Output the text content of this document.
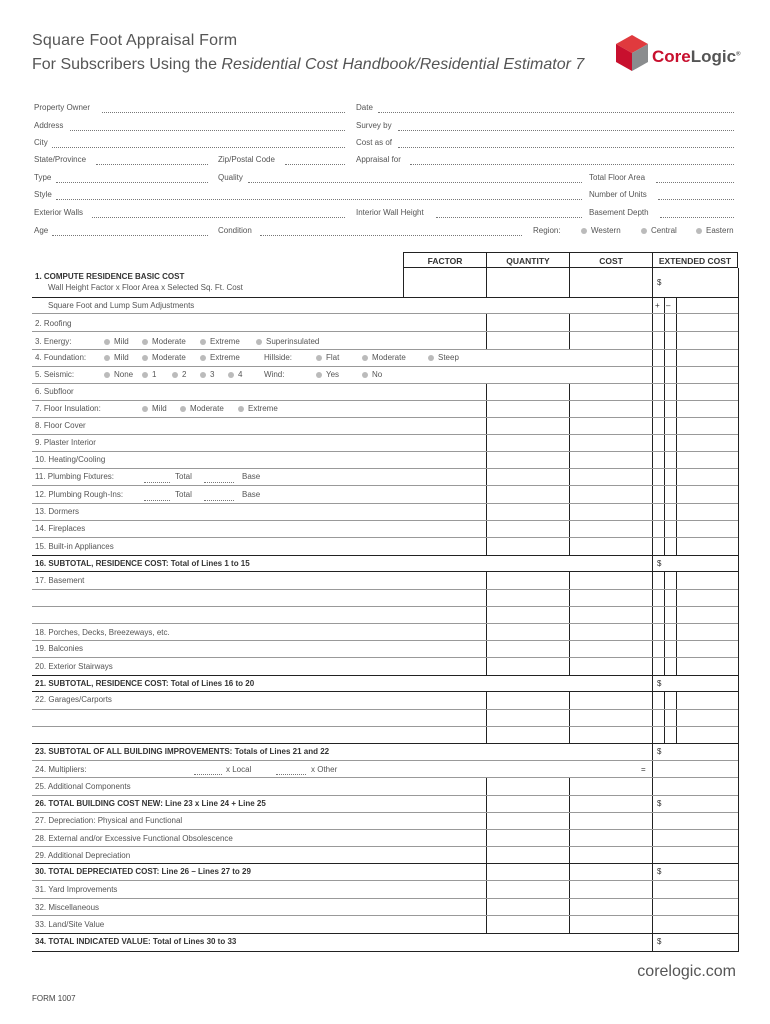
Square Foot Appraisal Form
For Subscribers Using the Residential Cost Handbook/Residential Estimator 7	CoreLogic®
Property Owner	Date
Address	Survey by
City	Cost as of
State/Province	Zip/Postal Code	Appraisal for
Type	Quality	Total Floor Area
Style	Number of Units
Exterior Walls	Interior Wall Height	Basement Depth
Age	Condition	Region:	Western	Central	Eastern
FACTOR	QUANTITY	COST	EXTENDED COST
1. COMPUTE RESIDENCE BASIC COST
Wall Height Factor x Floor Area x Selected Sq. Ft. Cost
$
Square Foot and Lump Sum Adjustments	+ –
2. Roofing
3. Energy:	Mild	Moderate	Extreme	Superinsulated
4. Foundation:	Mild	Moderate	Extreme	Hillside:	Flat	Moderate	Steep
5. Seismic:	None	1	2	3	4	Wind:	Yes	No
6. Subfloor
7. Floor Insulation:	Mild	Moderate	Extreme
8. Floor Cover
9. Plaster Interior
10. Heating/Cooling
11. Plumbing Fixtures:	Total	Base
12. Plumbing Rough-Ins:	Total	Base
13. Dormers
14. Fireplaces
15. Built-in Appliances
16. SUBTOTAL, RESIDENCE COST: Total of Lines 1 to 15	$
17. Basement
18. Porches, Decks, Breezeways, etc.
19. Balconies
20. Exterior Stairways
21. SUBTOTAL, RESIDENCE COST: Total of Lines 16 to 20	$
22. Garages/Carports
23. SUBTOTAL OF ALL BUILDING IMPROVEMENTS: Totals of Lines 21 and 22	$
24. Multipliers:	x Local	x Other	=
25. Additional Components
26. TOTAL BUILDING COST NEW: Line 23 x Line 24 + Line 25	$
27. Depreciation: Physical and Functional
28. External and/or Excessive Functional Obsolescence
29. Additional Depreciation
30. TOTAL DEPRECIATED COST: Line 26 – Lines 27 to 29	$
31. Yard Improvements
32. Miscellaneous
33. Land/Site Value
34. TOTAL INDICATED VALUE: Total of Lines 30 to 33	$
corelogic.com
FORM 1007
